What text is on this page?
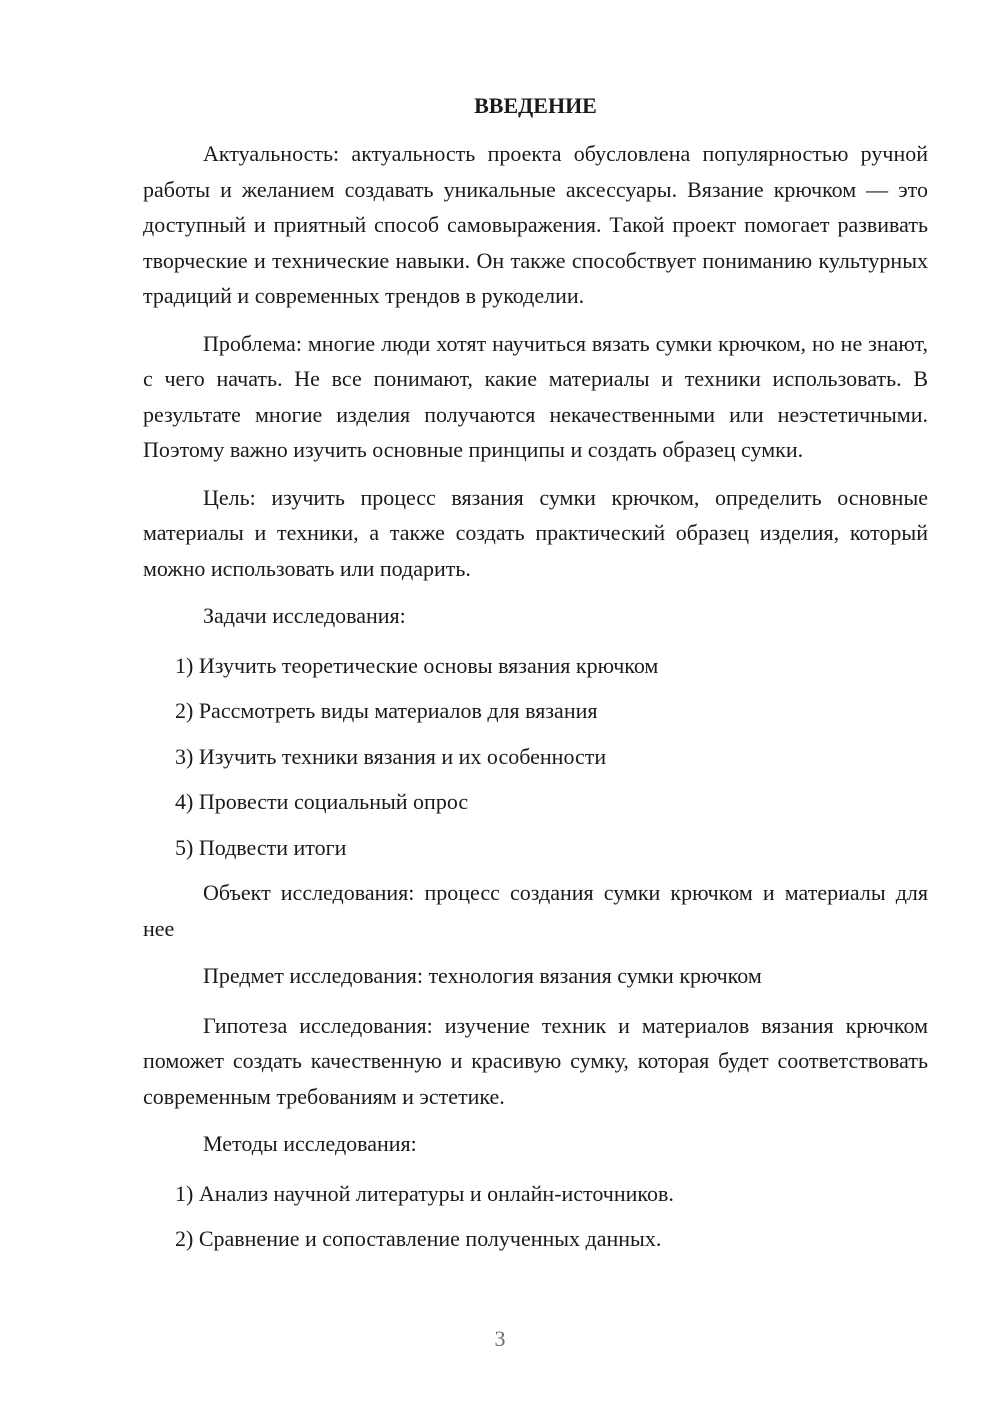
ВВЕДЕНИЕ

Актуальность: актуальность проекта обусловлена популярностью ручной работы и желанием создавать уникальные аксессуары. Вязание крючком — это доступный и приятный способ самовыражения. Такой проект помогает развивать творческие и технические навыки. Он также способствует пониманию культурных традиций и современных трендов в рукоделии.

Проблема: многие люди хотят научиться вязать сумки крючком, но не знают, с чего начать. Не все понимают, какие материалы и техники использовать. В результате многие изделия получаются некачественными или неэстетичными. Поэтому важно изучить основные принципы и создать образец сумки.

Цель: изучить процесс вязания сумки крючком, определить основные материалы и техники, а также создать практический образец изделия, который можно использовать или подарить.

Задачи исследования:

1) Изучить теоретические основы вязания крючком
2) Рассмотреть виды материалов для вязания
3) Изучить техники вязания и их особенности
4) Провести социальный опрос
5) Подвести итоги

Объект исследования: процесс создания сумки крючком и материалы для нее

Предмет исследования: технология вязания сумки крючком

Гипотеза исследования: изучение техник и материалов вязания крючком поможет создать качественную и красивую сумку, которая будет соответствовать современным требованиям и эстетике.

Методы исследования:

1) Анализ научной литературы и онлайн-источников.
2) Сравнение и сопоставление полученных данных.
3
